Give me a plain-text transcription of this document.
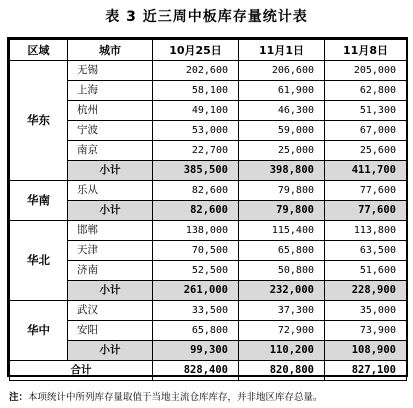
表 3 近三周中板库存量统计表
区域	城市	10月25日	11月1日	11月8日
华东	无锡	202,600	206,600	205,000
	上海	58,100	61,900	62,800
	杭州	49,100	46,300	51,300
	宁波	53,000	59,000	67,000
	南京	22,700	25,000	25,600
	小计	385,500	398,800	411,700
华南	乐从	82,600	79,800	77,600
	小计	82,600	79,800	77,600
华北	邯郸	138,000	115,400	113,800
	天津	70,500	65,800	63,500
	济南	52,500	50,800	51,600
	小计	261,000	232,000	228,900
华中	武汉	33,500	37,300	35,000
	安阳	65,800	72,900	73,900
	小计	99,300	110,200	108,900
合计		828,400	820,800	827,100
注：本项统计中所列库存量取值于当地主流仓库库存，并非地区库存总量。
